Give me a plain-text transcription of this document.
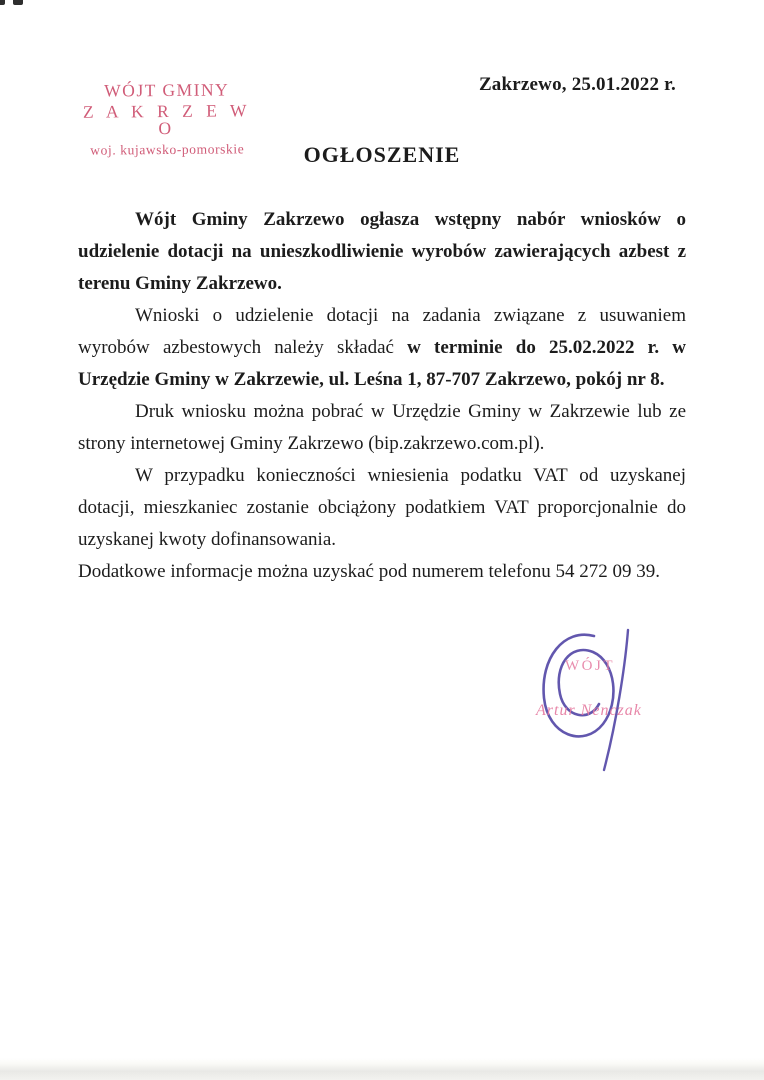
Zakrzewo, 25.01.2022 r.
WÓJT GMINY
Z A K R Z E W O
woj. kujawsko-pomorskie	OGŁOSZENIE

Wójt Gminy Zakrzewo ogłasza wstępny nabór wniosków o udzielenie dotacji na unieszkodliwienie wyrobów zawierających azbest z terenu Gminy Zakrzewo.

Wnioski o udzielenie dotacji na zadania związane z usuwaniem wyrobów azbestowych należy składać w terminie do 25.02.2022 r. w Urzędzie Gminy w Zakrzewie, ul. Leśna 1, 87-707 Zakrzewo, pokój nr 8.

Druk wniosku można pobrać w Urzędzie Gminy w Zakrzewie lub ze strony internetowej Gminy Zakrzewo (bip.zakrzewo.com.pl).

W przypadku konieczności wniesienia podatku VAT od uzyskanej dotacji, mieszkaniec zostanie obciążony podatkiem VAT proporcjonalnie do uzyskanej kwoty dofinansowania.

Dodatkowe informacje można uzyskać pod numerem telefonu 54 272 09 39.

WÓJT
Artur Nenczak
